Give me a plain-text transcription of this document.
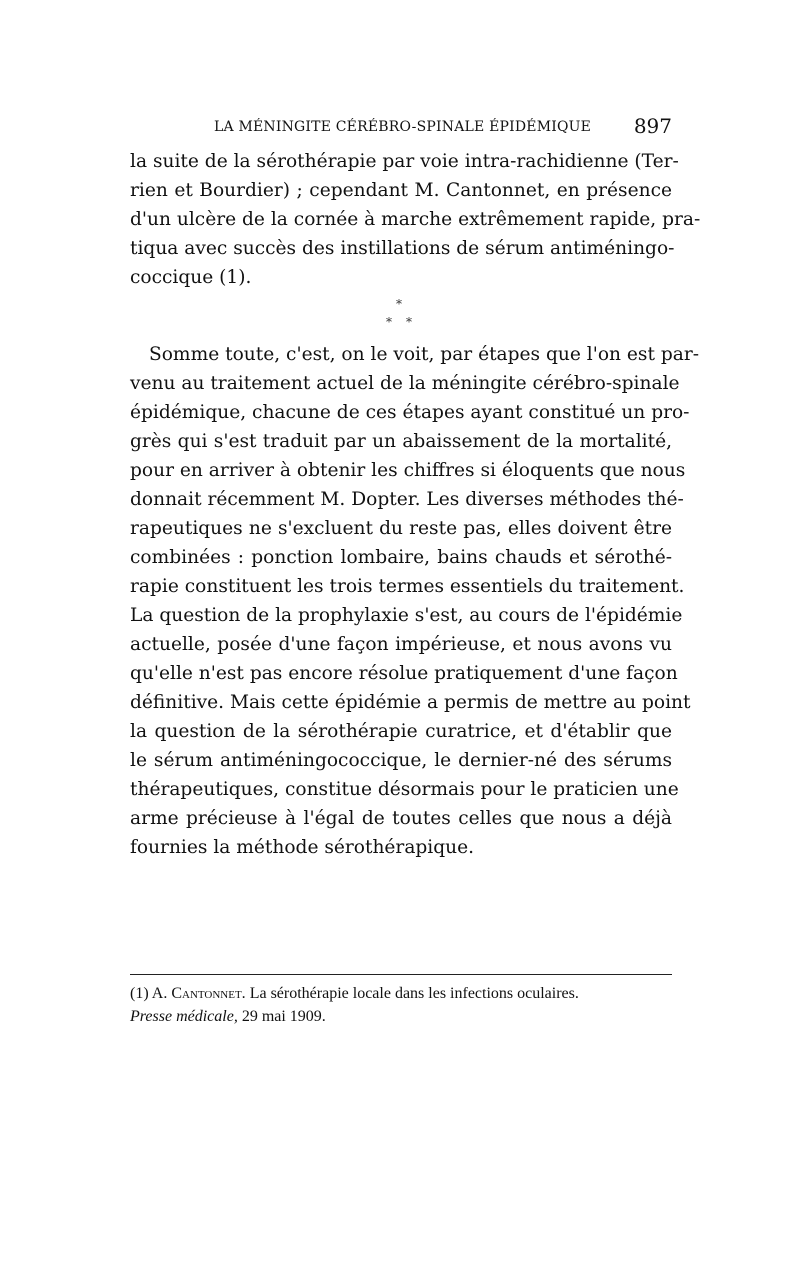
LA MÉNINGITE CÉRÉBRO-SPINALE ÉPIDÉMIQUE 897
la suite de la sérothérapie par voie intra-rachidienne (Ter-
rien et Bourdier) ; cependant M. Cantonnet, en présence
d'un ulcère de la cornée à marche extrêmement rapide, pra-
tiqua avec succès des instillations de sérum antiméningo-
coccique (1).
*
* *
Somme toute, c'est, on le voit, par étapes que l'on est par-
venu au traitement actuel de la méningite cérébro-spinale
épidémique, chacune de ces étapes ayant constitué un pro-
grès qui s'est traduit par un abaissement de la mortalité,
pour en arriver à obtenir les chiffres si éloquents que nous
donnait récemment M. Dopter. Les diverses méthodes thé-
rapeutiques ne s'excluent du reste pas, elles doivent être
combinées : ponction lombaire, bains chauds et sérothé-
rapie constituent les trois termes essentiels du traitement.
La question de la prophylaxie s'est, au cours de l'épidémie
actuelle, posée d'une façon impérieuse, et nous avons vu
qu'elle n'est pas encore résolue pratiquement d'une façon
définitive. Mais cette épidémie a permis de mettre au point
la question de la sérothérapie curatrice, et d'établir que
le sérum antiméningococcique, le dernier-né des sérums
thérapeutiques, constitue désormais pour le praticien une
arme précieuse à l'égal de toutes celles que nous a déjà
fournies la méthode sérothérapique.
(1) A. Cantonnet. La sérothérapie locale dans les infections oculaires.
Presse médicale, 29 mai 1909.
